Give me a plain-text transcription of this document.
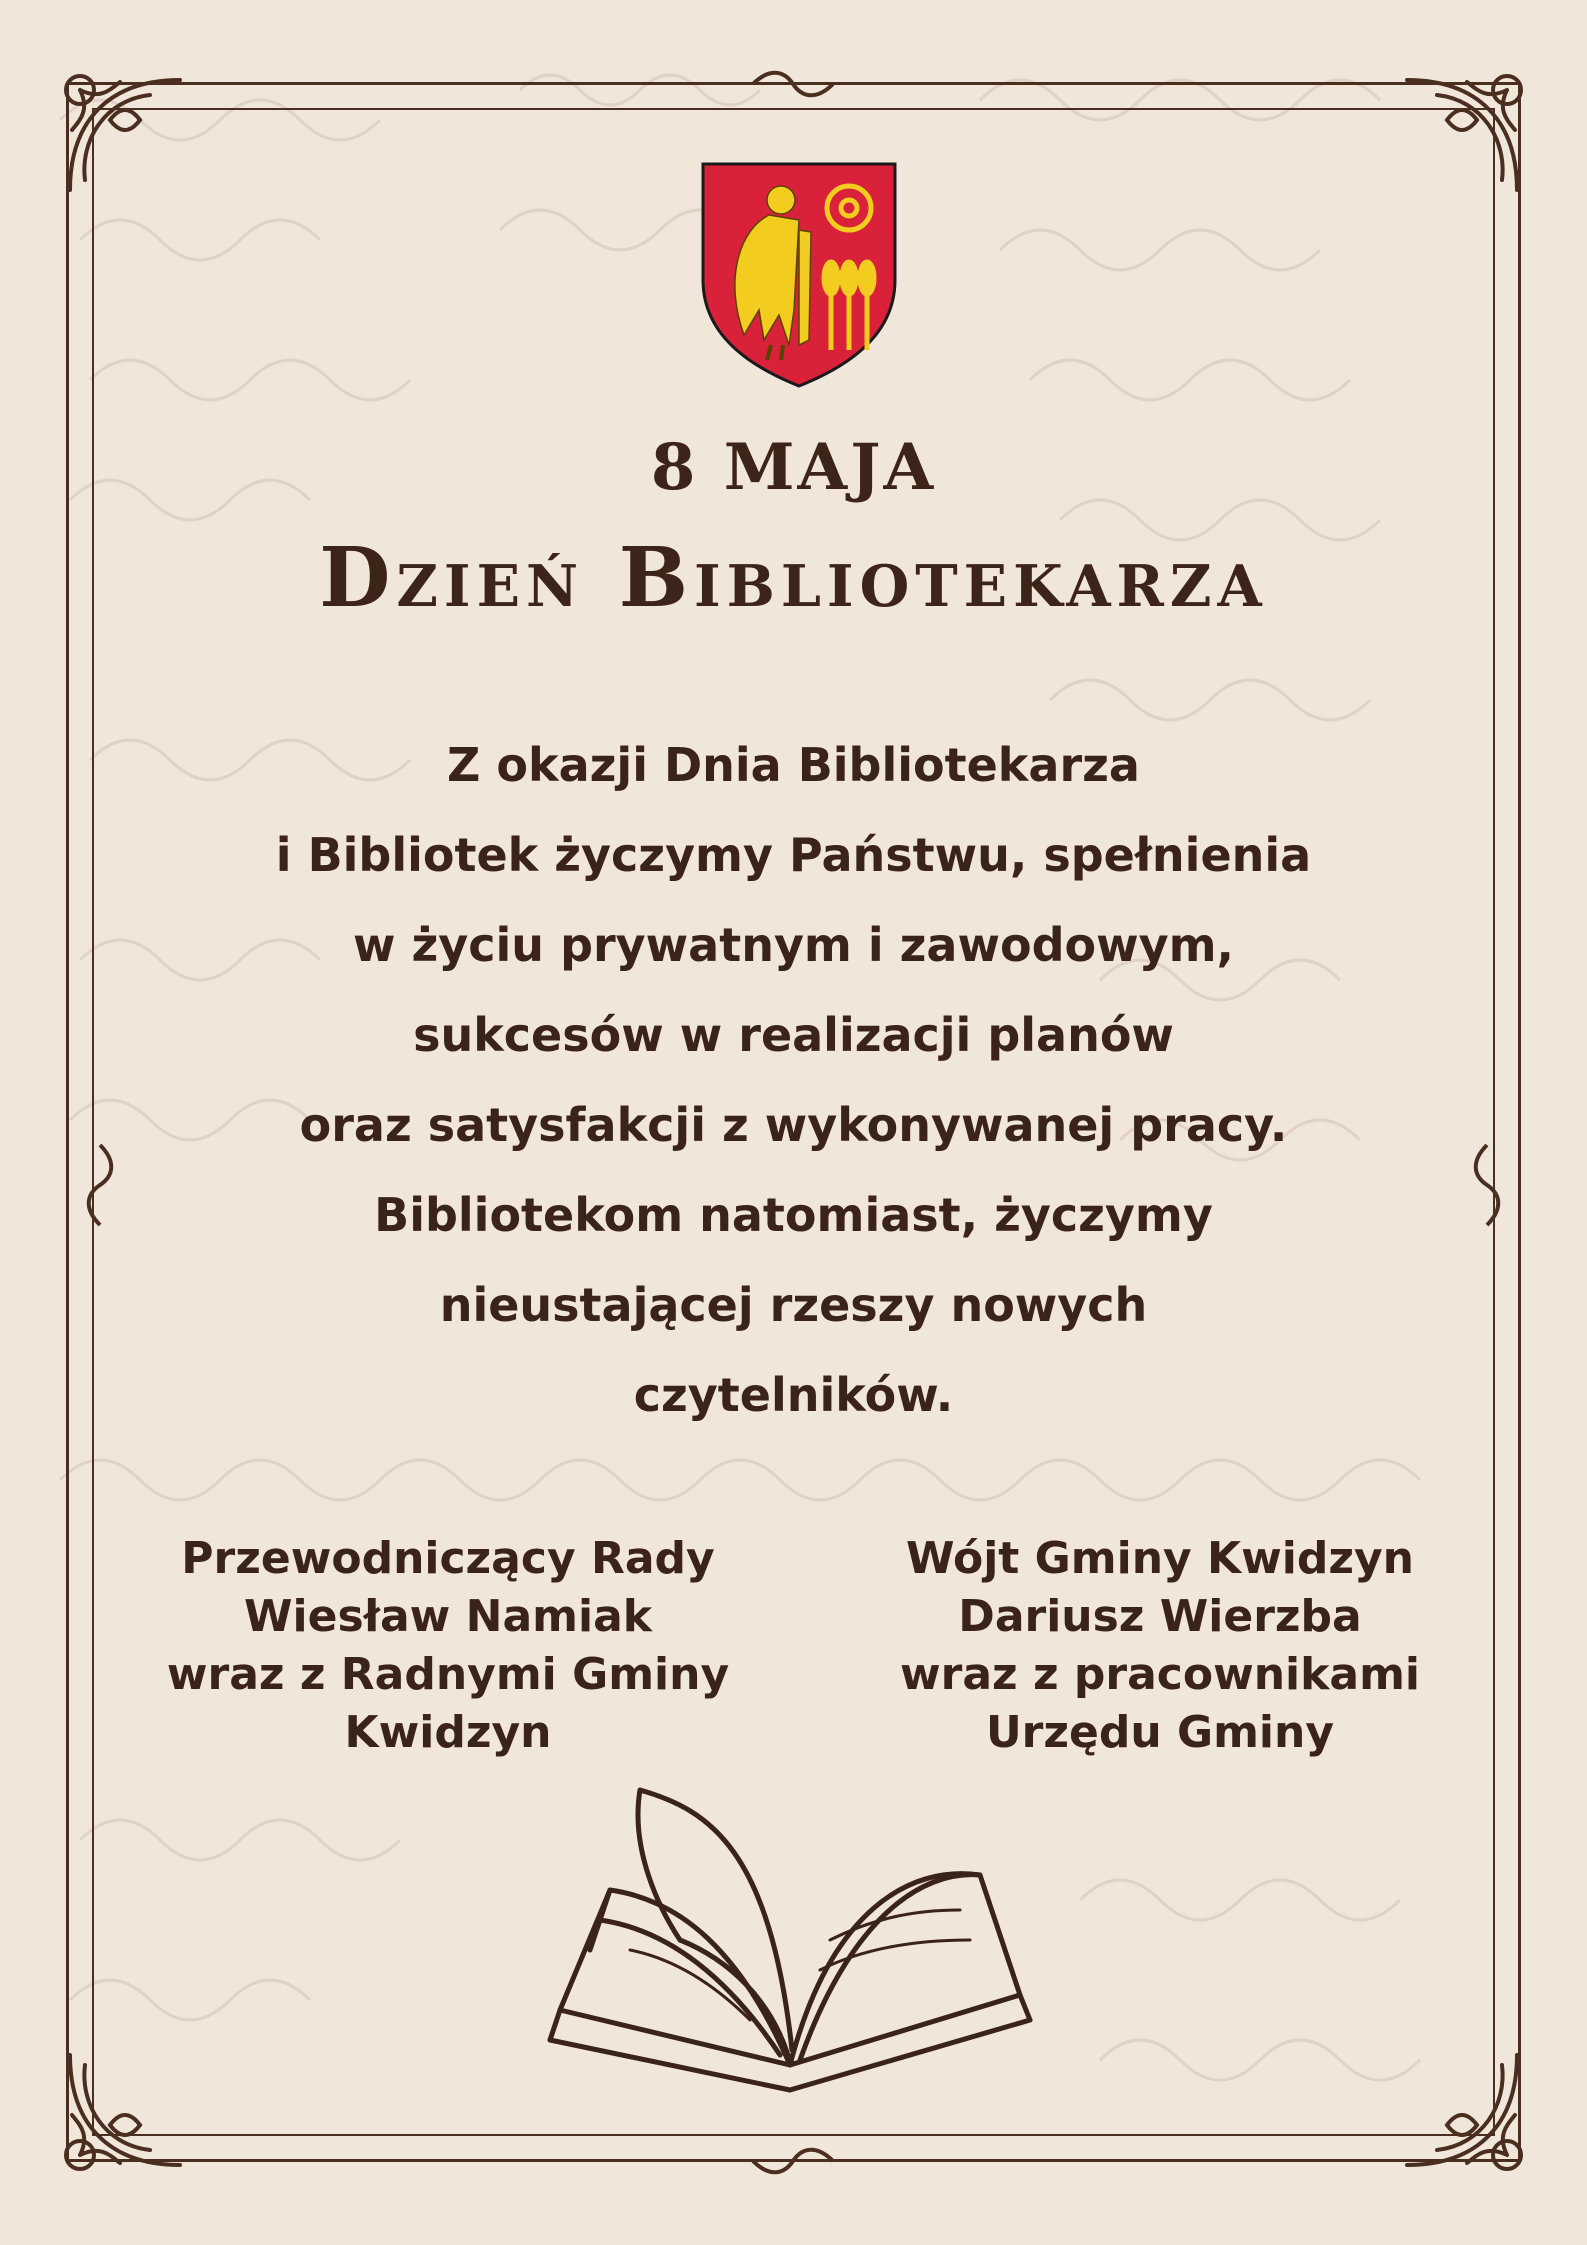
8 MAJA
Dzień Bibliotekarza
Z okazji Dnia Bibliotekarza
i Bibliotek życzymy Państwu, spełnienia
w życiu prywatnym i zawodowym,
sukcesów w realizacji planów
oraz satysfakcji z wykonywanej pracy.
Bibliotekom natomiast, życzymy
nieustającej rzeszy nowych
czytelników.
Przewodniczący Rady
Wiesław Namiak
wraz z Radnymi Gminy
Kwidzyn
Wójt Gminy Kwidzyn
Dariusz Wierzba
wraz z pracownikami
Urzędu Gminy
